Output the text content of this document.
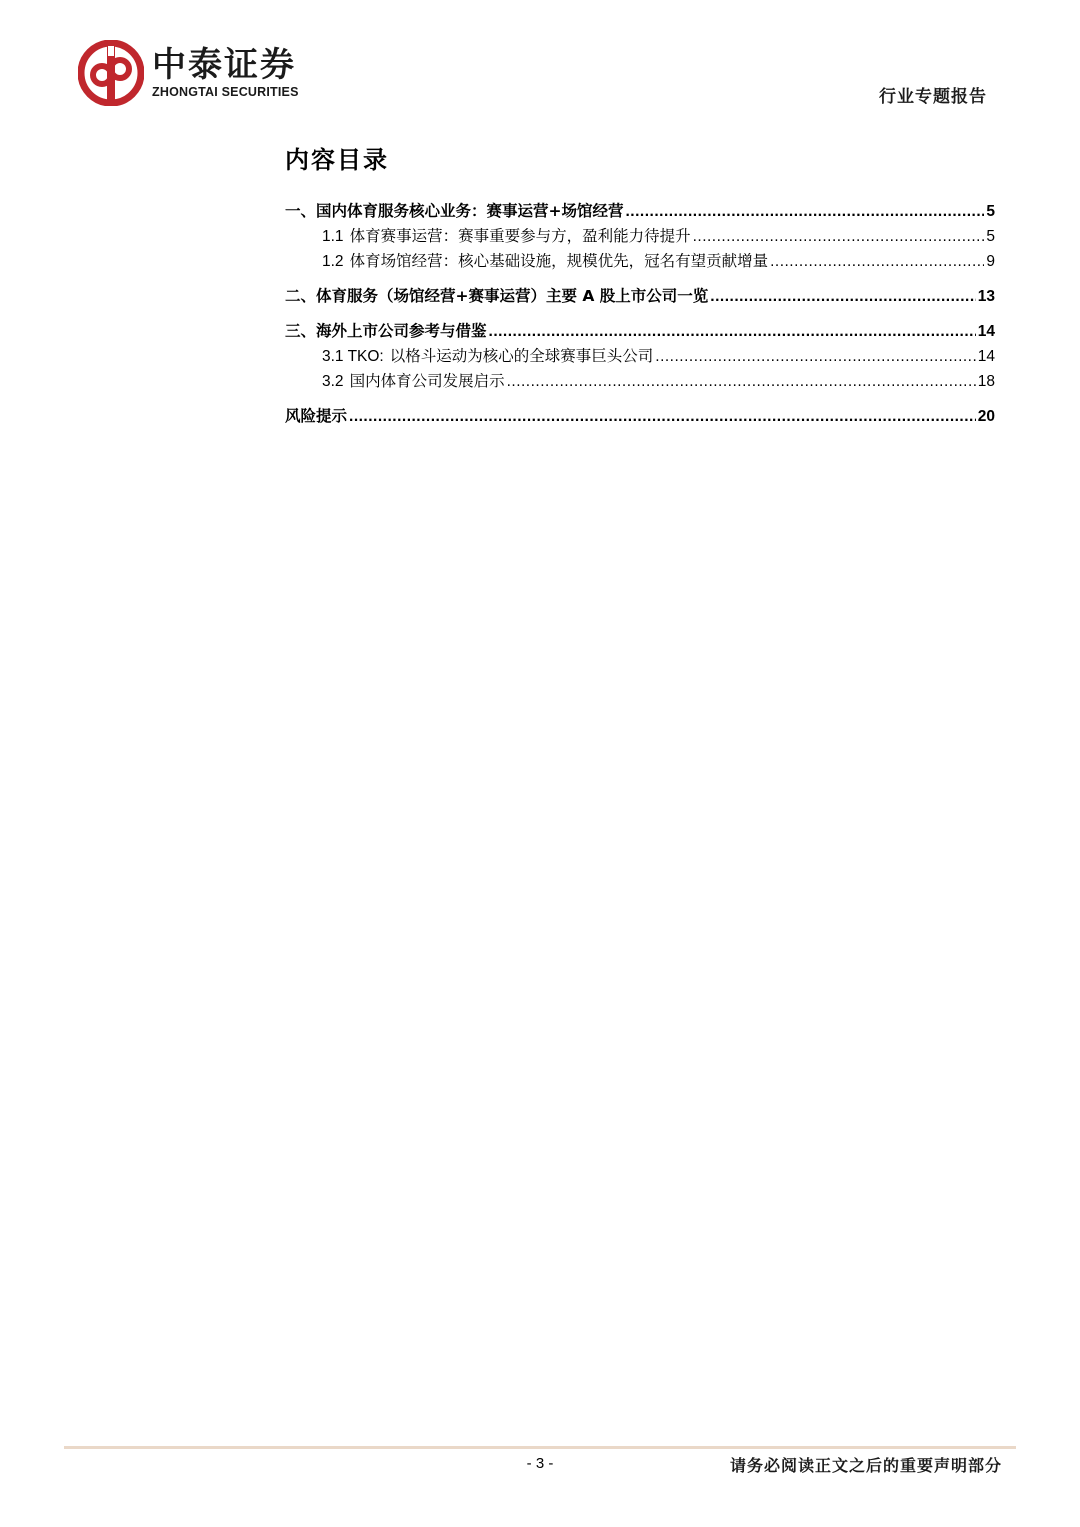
中泰证券
ZHONGTAI SECURITIES	行业专题报告
内容目录
一、国内体育服务核心业务：赛事运营+场馆经营 .....	5
1.1 体育赛事运营：赛事重要参与方，盈利能力待提升 .....	5
1.2 体育场馆经营：核心基础设施，规模优先，冠名有望贡献增量 .....	9
二、体育服务（场馆经营+赛事运营）主要 A 股上市公司一览 .....	13
三、海外上市公司参考与借鉴 .....	14
3.1 TKO: 以格斗运动为核心的全球赛事巨头公司 .....	14
3.2 国内体育公司发展启示 .....	18
风险提示 .....	20
- 3 -	请务必阅读正文之后的重要声明部分
